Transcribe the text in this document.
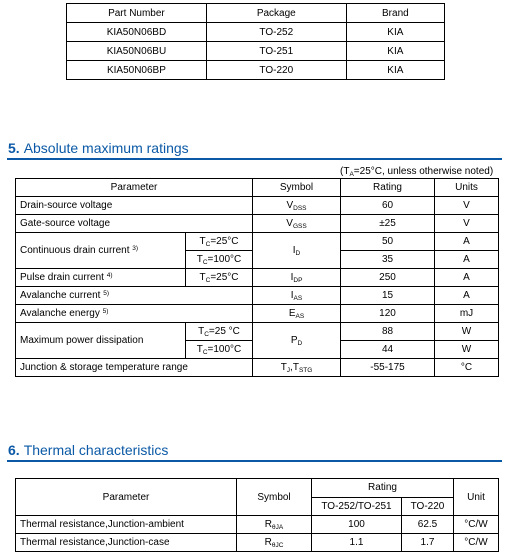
Part Number	Package	Brand
KIA50N06BD	TO-252	KIA
KIA50N06BU	TO-251	KIA
KIA50N06BP	TO-220	KIA
5. Absolute maximum ratings
($T_A=25^\circ C$, unless otherwise noted)
Parameter		Symbol	Rating	Units
Drain-source voltage		$V_{DSS}$	60	V
Gate-source voltage		$V_{GSS}$	±25	V
Continuous drain current $^{3)}$	$T_C=25^\circ C$	$I_D$	50	A
	$T_C=100^\circ C$		35	A
Pulse drain current $^{4)}$	$T_C=25^\circ C$	$I_{DP}$	250	A
Avalanche current $^{5)}$		$I_{AS}$	15	A
Avalanche energy $^{5)}$		$E_{AS}$	120	mJ
Maximum power dissipation	$T_C=25$ °C	$P_D$	88	W
	$T_C=100^\circ C$		44	W
Junction & storage temperature range		$T_J,T_{STG}$	-55-175	°C
6. Thermal characteristics
Parameter	Symbol	Rating		Unit
		TO-252/TO-251	TO-220	
Thermal resistance,Junction-ambient	$R_{\theta JA}$	100	62.5	°C/W
Thermal resistance,Junction-case	$R_{\theta JC}$	1.1	1.7	°C/W
